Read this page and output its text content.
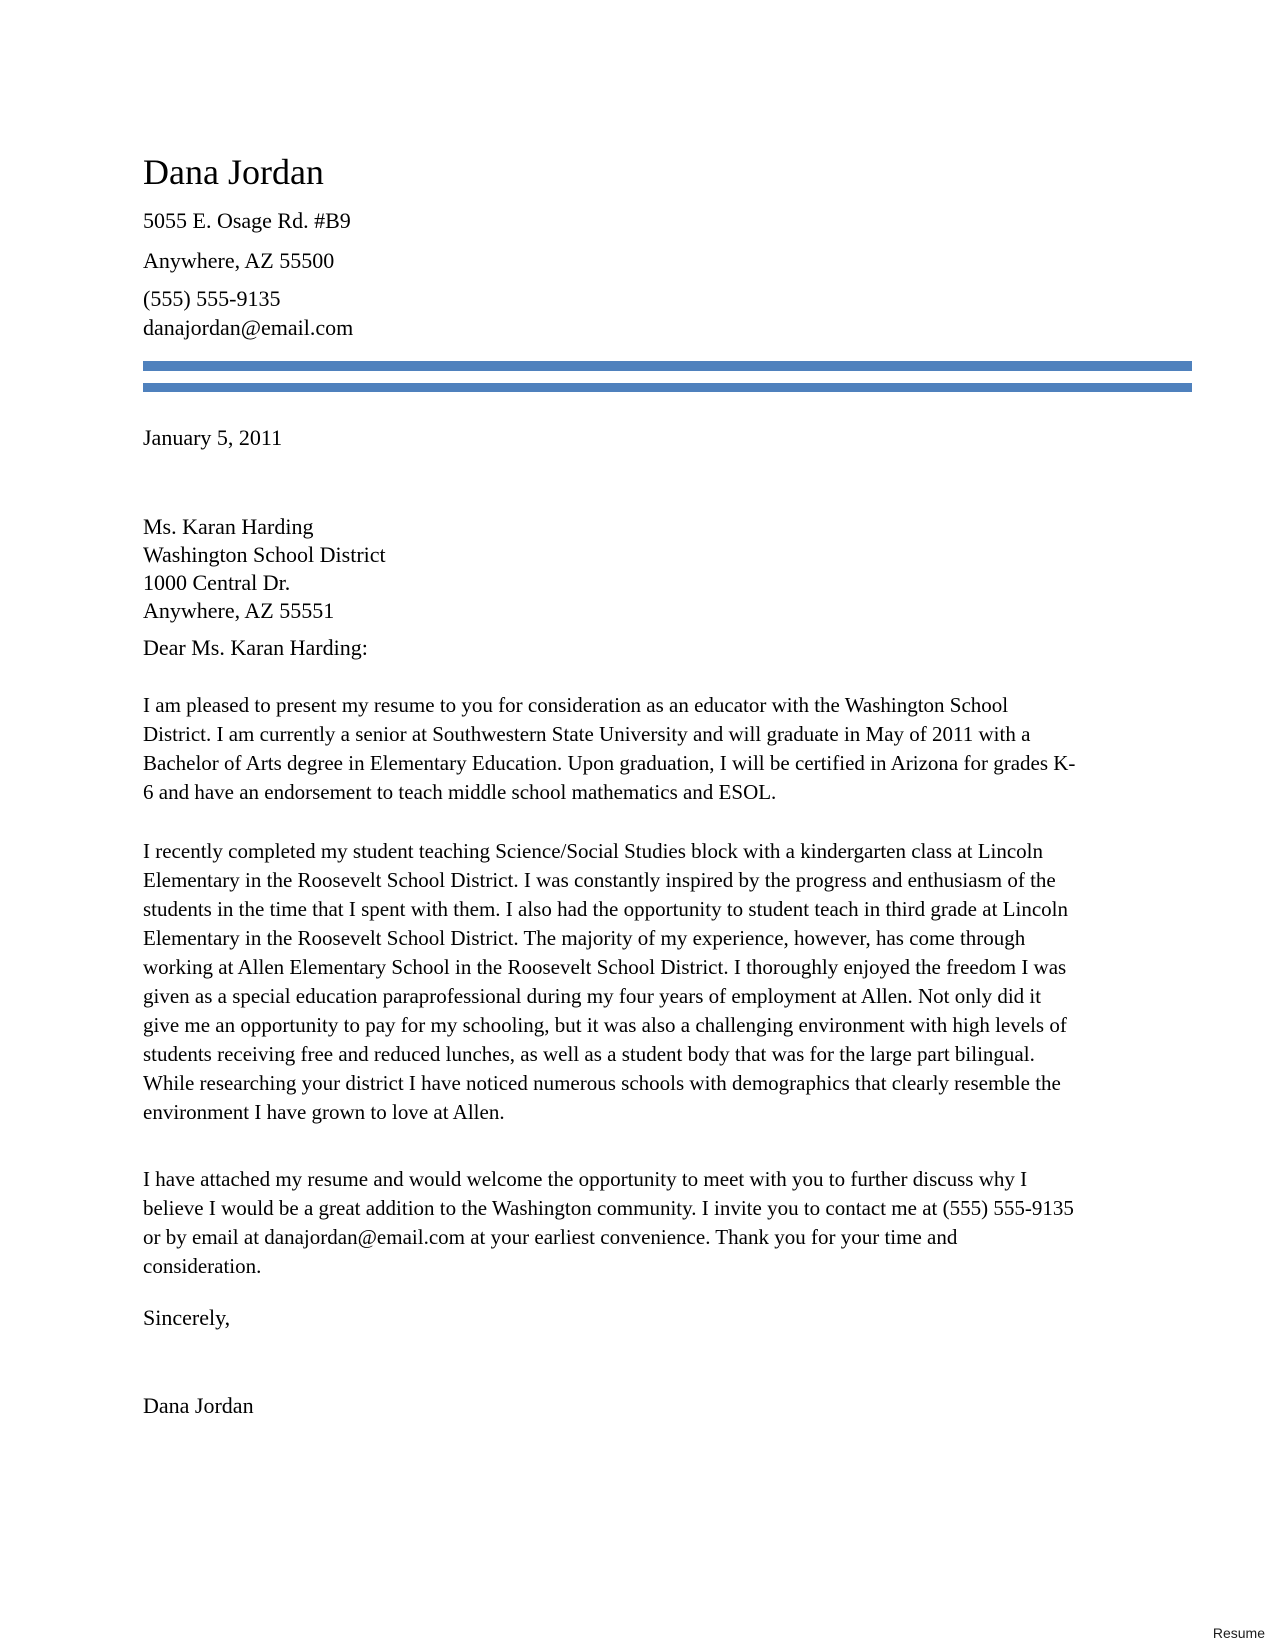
Dana Jordan

5055 E. Osage Rd. #B9

Anywhere, AZ 55500

(555) 555-9135

danajordan@email.com

January 5, 2011

Ms. Karan Harding

Washington School District

1000 Central Dr.

Anywhere, AZ 55551

Dear Ms. Karan Harding:

I am pleased to present my resume to you for consideration as an educator with the Washington School District. I am currently a senior at Southwestern State University and will graduate in May of 2011 with a Bachelor of Arts degree in Elementary Education. Upon graduation, I will be certified in Arizona for grades K-6 and have an endorsement to teach middle school mathematics and ESOL.

I recently completed my student teaching Science/Social Studies block with a kindergarten class at Lincoln Elementary in the Roosevelt School District. I was constantly inspired by the progress and enthusiasm of the students in the time that I spent with them. I also had the opportunity to student teach in third grade at Lincoln Elementary in the Roosevelt School District. The majority of my experience, however, has come through working at Allen Elementary School in the Roosevelt School District. I thoroughly enjoyed the freedom I was given as a special education paraprofessional during my four years of employment at Allen. Not only did it give me an opportunity to pay for my schooling, but it was also a challenging environment with high levels of students receiving free and reduced lunches, as well as a student body that was for the large part bilingual. While researching your district I have noticed numerous schools with demographics that clearly resemble the environment I have grown to love at Allen.

I have attached my resume and would welcome the opportunity to meet with you to further discuss why I believe I would be a great addition to the Washington community. I invite you to contact me at (555) 555-9135 or by email at danajordan@email.com at your earliest convenience. Thank you for your time and consideration.

Sincerely,

Dana Jordan

Resume
